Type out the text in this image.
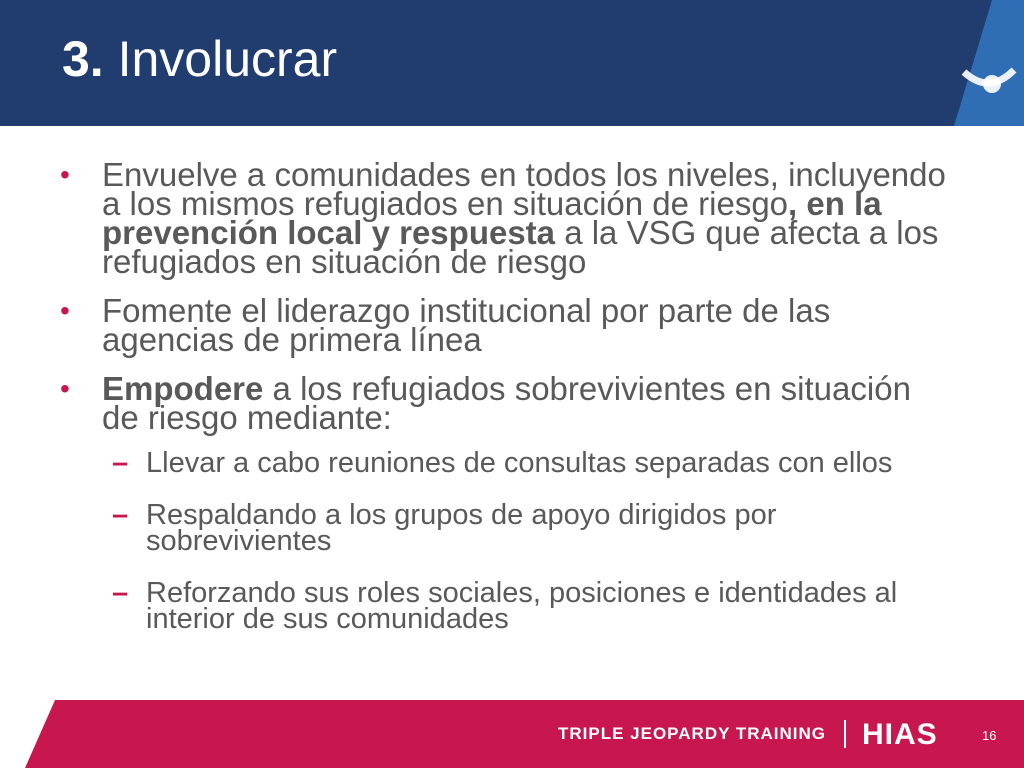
3. Involucrar
• Envuelve a comunidades en todos los niveles, incluyendo a los mismos refugiados en situación de riesgo, en la prevención local y respuesta a la VSG que afecta a los refugiados en situación de riesgo
• Fomente el liderazgo institucional por parte de las agencias de primera línea
• Empodere a los refugiados sobrevivientes en situación de riesgo mediante:
– Llevar a cabo reuniones de consultas separadas con ellos
– Respaldando a los grupos de apoyo dirigidos por sobrevivientes
– Reforzando sus roles sociales, posiciones e identidades al interior de sus comunidades
TRIPLE JEOPARDY TRAINING HIAS	16
